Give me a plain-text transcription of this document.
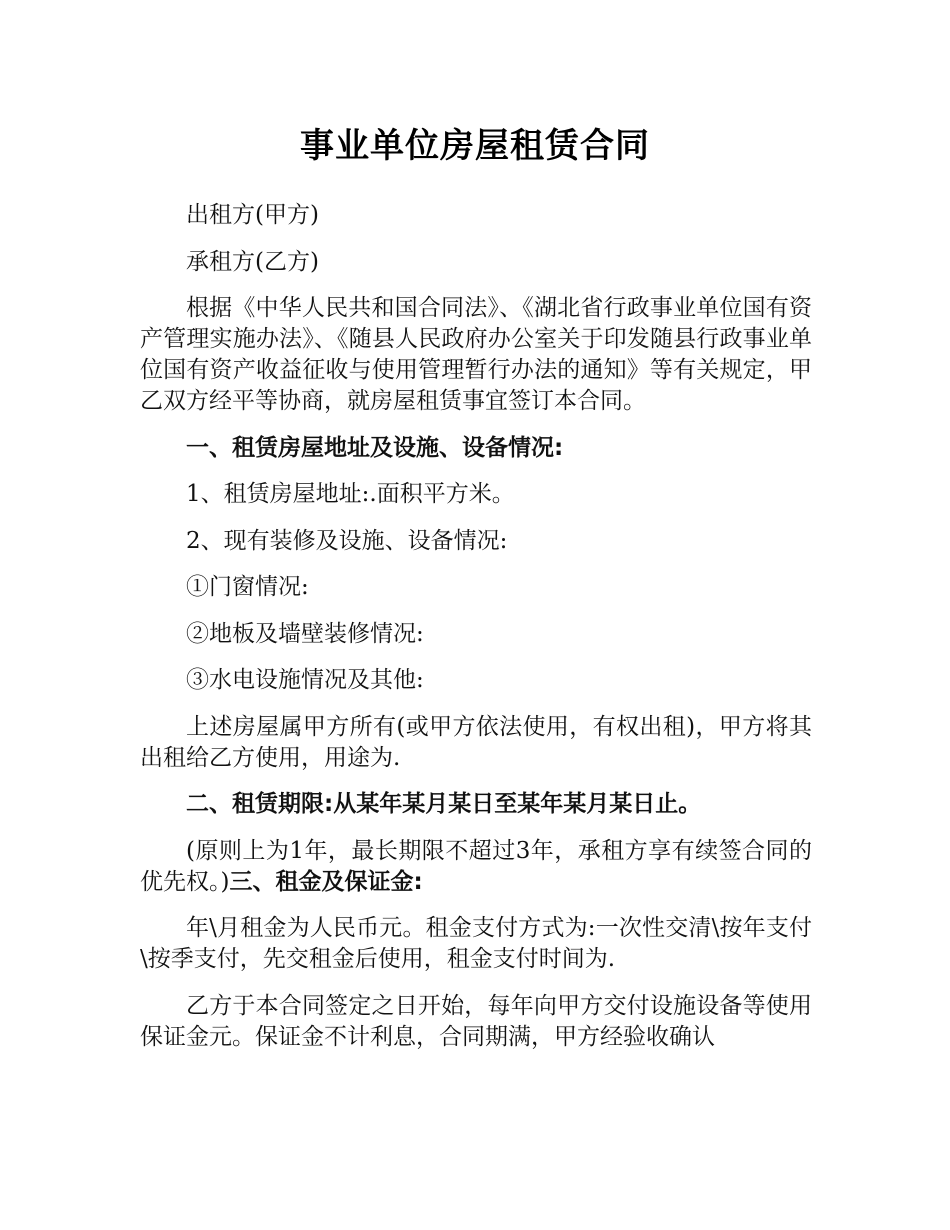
事业单位房屋租赁合同

出租方(甲方)

承租方(乙方)

根据《中华人民共和国合同法》、《湖北省行政事业单位国有资产管理实施办法》、《随县人民政府办公室关于印发随县行政事业单位国有资产收益征收与使用管理暂行办法的通知》等有关规定，甲乙双方经平等协商，就房屋租赁事宜签订本合同。

一、租赁房屋地址及设施、设备情况:

1、租赁房屋地址:.面积平方米。

2、现有装修及设施、设备情况:

①门窗情况:

②地板及墙壁装修情况:

③水电设施情况及其他:

上述房屋属甲方所有(或甲方依法使用，有权出租)，甲方将其出租给乙方使用，用途为.

二、租赁期限:从某年某月某日至某年某月某日止。

(原则上为1年，最长期限不超过3年，承租方享有续签合同的优先权。)三、租金及保证金:

年\月租金为人民币元。租金支付方式为:一次性交清\按年支付\按季支付，先交租金后使用，租金支付时间为.

乙方于本合同签定之日开始，每年向甲方交付设施设备等使用保证金元。保证金不计利息，合同期满，甲方经验收确认
